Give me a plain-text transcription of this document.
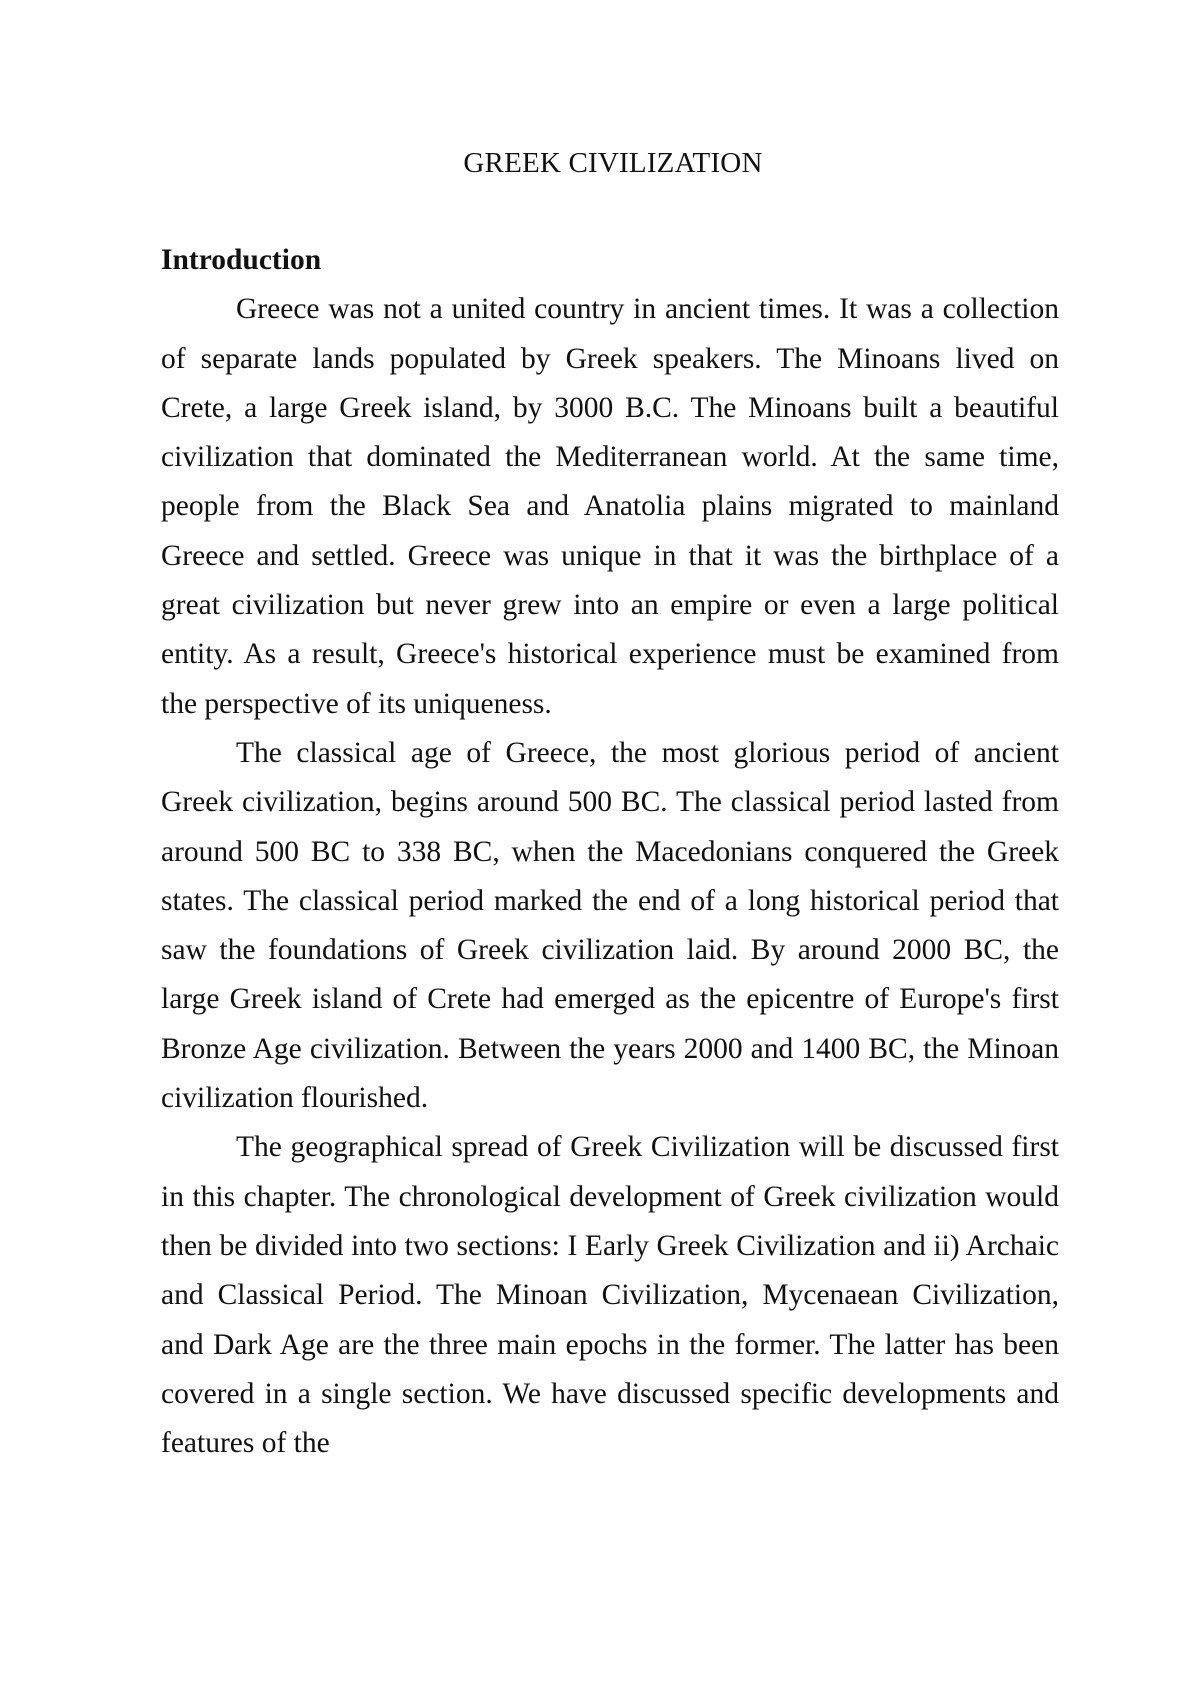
GREEK CIVILIZATION
Introduction

Greece was not a united country in ancient times. It was a collection of separate lands populated by Greek speakers. The Minoans lived on Crete, a large Greek island, by 3000 B.C. The Minoans built a beautiful civilization that dominated the Mediterranean world. At the same time, people from the Black Sea and Anatolia plains migrated to mainland Greece and settled. Greece was unique in that it was the birthplace of a great civilization but never grew into an empire or even a large political entity. As a result, Greece's historical experience must be examined from the perspective of its uniqueness.

The classical age of Greece, the most glorious period of ancient Greek civilization, begins around 500 BC. The classical period lasted from around 500 BC to 338 BC, when the Macedonians conquered the Greek states. The classical period marked the end of a long historical period that saw the foundations of Greek civilization laid. By around 2000 BC, the large Greek island of Crete had emerged as the epicentre of Europe's first Bronze Age civilization. Between the years 2000 and 1400 BC, the Minoan civilization flourished.

The geographical spread of Greek Civilization will be discussed first in this chapter. The chronological development of Greek civilization would then be divided into two sections: I Early Greek Civilization and ii) Archaic and Classical Period. The Minoan Civilization, Mycenaean Civilization, and Dark Age are the three main epochs in the former. The latter has been covered in a single section. We have discussed specific developments and features of the
